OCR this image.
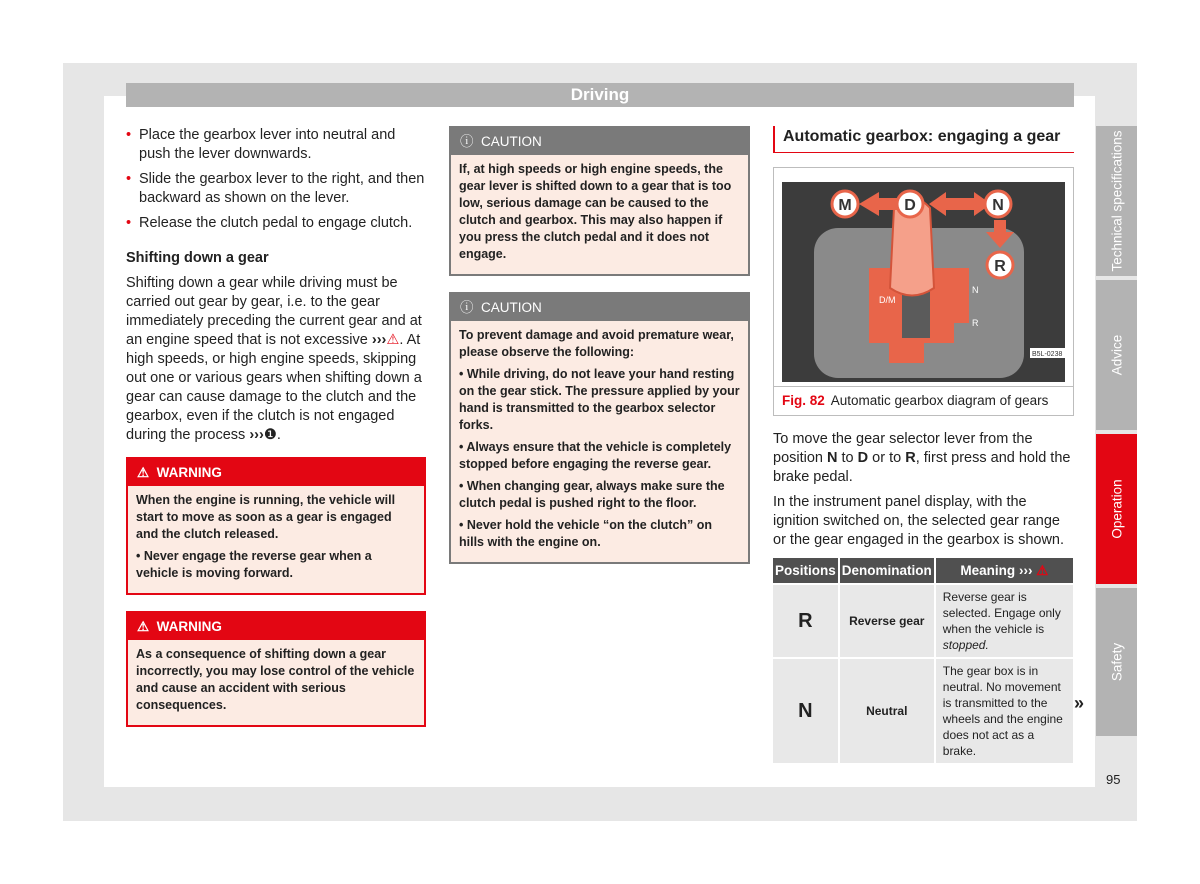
Driving
• Place the gearbox lever into neutral and push the lever downwards.
• Slide the gearbox lever to the right, and then backward as shown on the lever.
• Release the clutch pedal to engage clutch.
Shifting down a gear

Shifting down a gear while driving must be carried out gear by gear, i.e. to the gear immediately preceding the current gear and at an engine speed that is not excessive ›››⚠. At high speeds, or high engine speeds, skipping out one or various gears when shifting down a gear can cause damage to the clutch and the gearbox, even if the clutch is not engaged during the process ›››❶.

⚠ WARNING

When the engine is running, the vehicle will start to move as soon as a gear is engaged and the clutch released.

• Never engage the reverse gear when a vehicle is moving forward.

⚠ WARNING

As a consequence of shifting down a gear incorrectly, you may lose control of the vehicle and cause an accident with serious consequences.

ⓘ CAUTION

If, at high speeds or high engine speeds, the gear lever is shifted down to a gear that is too low, serious damage can be caused to the clutch and gearbox. This may also happen if you press the clutch pedal and it does not engage.

ⓘ CAUTION

To prevent damage and avoid premature wear, please observe the following:

• While driving, do not leave your hand resting on the gear stick. The pressure applied by your hand is transmitted to the gearbox selector forks.

• Always ensure that the vehicle is completely stopped before engaging the reverse gear.

• When changing gear, always make sure the clutch pedal is pushed right to the floor.

• Never hold the vehicle “on the clutch” on hills with the engine on.

Automatic gearbox: engaging a gear
D/M
N
R
M	D	N
R
B5L-0238
Fig. 82 Automatic gearbox diagram of gears

To move the gear selector lever from the position N to D or to R, first press and hold the brake pedal.

In the instrument panel display, with the ignition switched on, the selected gear range or the gear engaged in the gearbox is shown.

Positions	Denomination	Meaning ››› ⚠
R	Reverse gear	Reverse gear is selected. Engage only when the vehicle is stopped.
N	Neutral	The gear box is in neutral. No movement is transmitted to the wheels and the engine does not act as a brake.
»
Technical specifications
Advice
Operation
Safety
95
